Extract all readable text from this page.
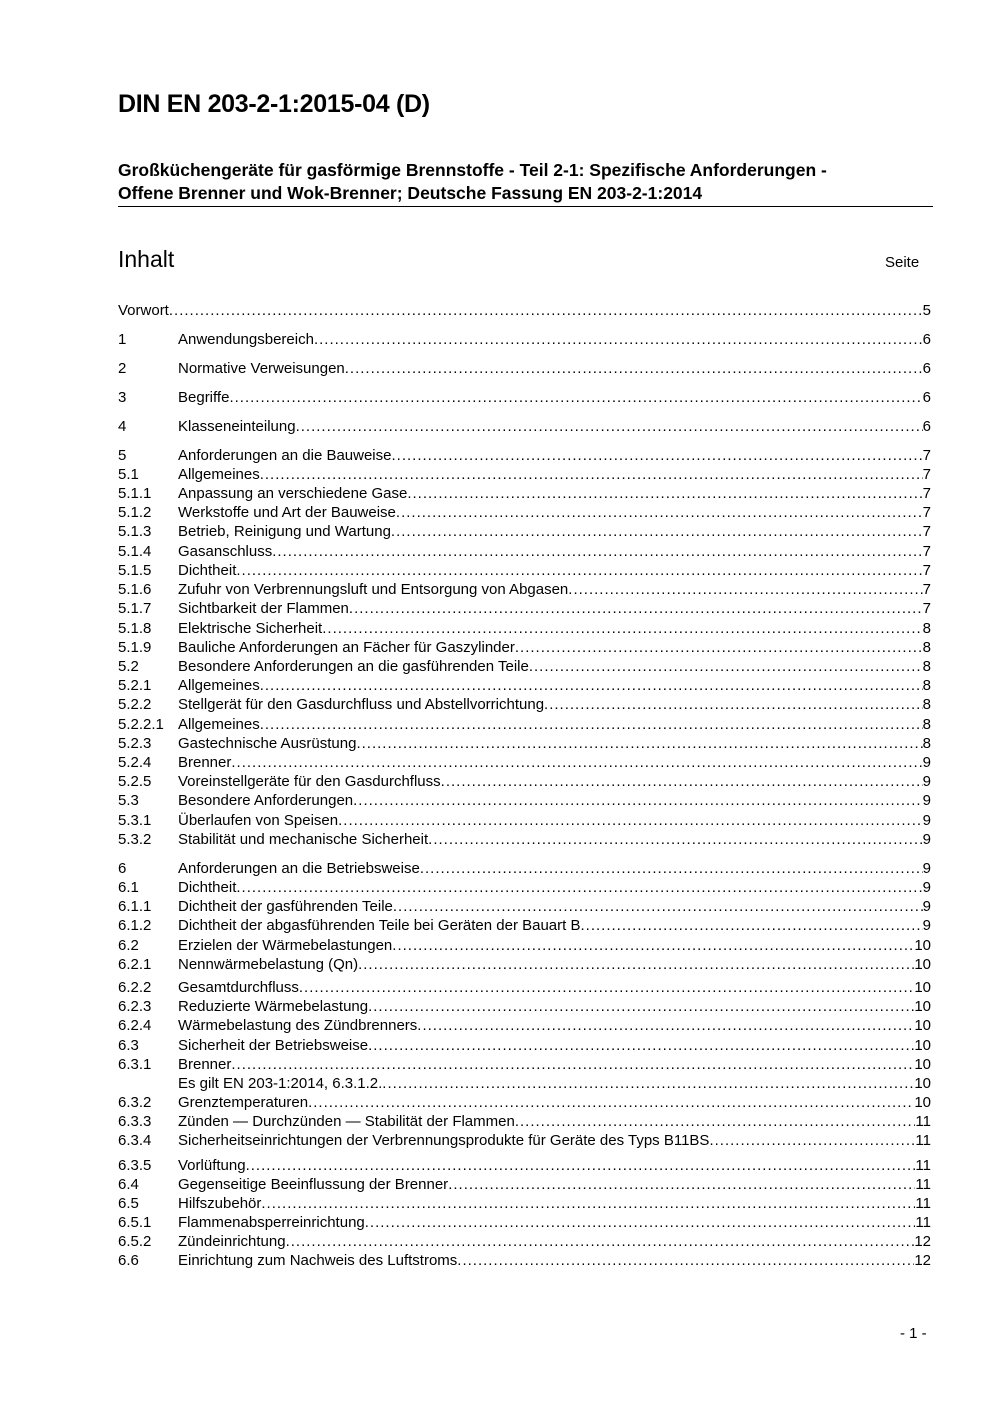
DIN EN 203-2-1:2015-04 (D)
Großküchengeräte für gasförmige Brennstoffe - Teil 2-1: Spezifische Anforderungen -
Offene Brenner und Wok-Brenner; Deutsche Fassung EN 203-2-1:2014
Inhalt	Seite
Vorwort .....	5
1	Anwendungsbereich .....	6
2	Normative Verweisungen .....	6
3	Begriffe .....	6
4	Klasseneinteilung .....	6
5	Anforderungen an die Bauweise .....	7
5.1	Allgemeines .....	7
5.1.1	Anpassung an verschiedene Gase .....	7
5.1.2	Werkstoffe und Art der Bauweise .....	7
5.1.3	Betrieb, Reinigung und Wartung .....	7
5.1.4	Gasanschluss .....	7
5.1.5	Dichtheit .....	7
5.1.6	Zufuhr von Verbrennungsluft und Entsorgung von Abgasen .....	7
5.1.7	Sichtbarkeit der Flammen .....	7
5.1.8	Elektrische Sicherheit .....	8
5.1.9	Bauliche Anforderungen an Fächer für Gaszylinder .....	8
5.2	Besondere Anforderungen an die gasführenden Teile .....	8
5.2.1	Allgemeines .....	8
5.2.2	Stellgerät für den Gasdurchfluss und Abstellvorrichtung .....	8
5.2.2.1 Allgemeines .....	8
5.2.3	Gastechnische Ausrüstung .....	8
5.2.4	Brenner .....	9
5.2.5	Voreinstellgeräte für den Gasdurchfluss .....	9
5.3	Besondere Anforderungen .....	9
5.3.1	Überlaufen von Speisen .....	9
5.3.2	Stabilität und mechanische Sicherheit .....	9
6	Anforderungen an die Betriebsweise .....	9
6.1	Dichtheit .....	9
6.1.1	Dichtheit der gasführenden Teile .....	9
6.1.2	Dichtheit der abgasführenden Teile bei Geräten der Bauart B .....	9
6.2	Erzielen der Wärmebelastungen .....	10
6.2.1	Nennwärmebelastung (Qn) .....	10
6.2.2	Gesamtdurchfluss .....	10
6.2.3	Reduzierte Wärmebelastung .....	10
6.2.4	Wärmebelastung des Zündbrenners .....	10
6.3	Sicherheit der Betriebsweise .....	10
6.3.1	Brenner .....	10
Es gilt EN 203-1:2014, 6.3.1.2. .....	10
6.3.2	Grenztemperaturen .....	10
6.3.3	Zünden — Durchzünden — Stabilität der Flammen .....	11
6.3.4	Sicherheitseinrichtungen der Verbrennungsprodukte für Geräte des Typs B11BS .....	11
6.3.5	Vorlüftung .....	11
6.4	Gegenseitige Beeinflussung der Brenner .....	11
6.5	Hilfszubehör .....	11
6.5.1	Flammenabsperreinrichtung .....	11
6.5.2	Zündeinrichtung .....	12
6.6	Einrichtung zum Nachweis des Luftstroms .....	12
- 1 -
